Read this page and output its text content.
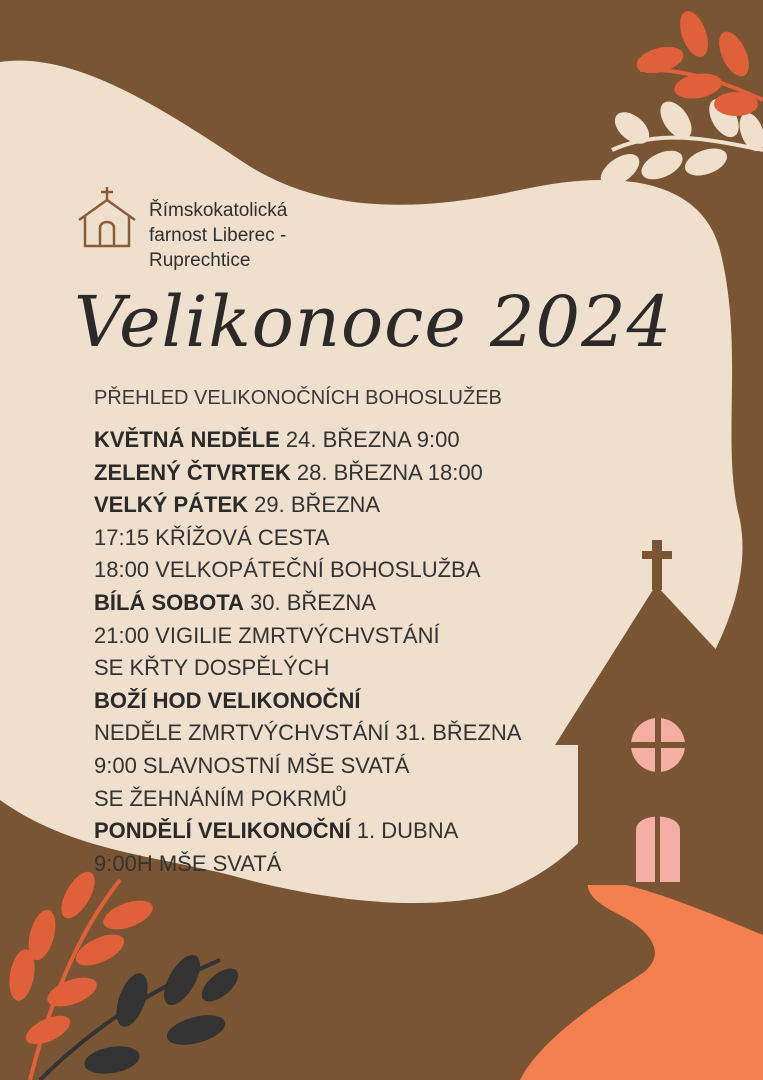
Římskokatolická
farnost Liberec -
Ruprechtice
Velikonoce 2024
PŘEHLED VELIKONOČNÍCH BOHOSLUŽEB
KVĚTNÁ NEDĚLE 24. BŘEZNA 9:00
ZELENÝ ČTVRTEK 28. BŘEZNA 18:00
VELKÝ PÁTEK 29. BŘEZNA
17:15 KŘÍŽOVÁ CESTA
18:00 VELKOPÁTEČNÍ BOHOSLUŽBA
BÍLÁ SOBOTA 30. BŘEZNA
21:00 VIGILIE ZMRTVÝCHVSTÁNÍ
SE KŘTY DOSPĚLÝCH
BOŽÍ HOD VELIKONOČNÍ
NEDĚLE ZMRTVÝCHVSTÁNÍ 31. BŘEZNA
9:00 SLAVNOSTNÍ MŠE SVATÁ
SE ŽEHNÁNÍM POKRMŮ
PONDĚLÍ VELIKONOČNÍ 1. DUBNA
9:00H MŠE SVATÁ
